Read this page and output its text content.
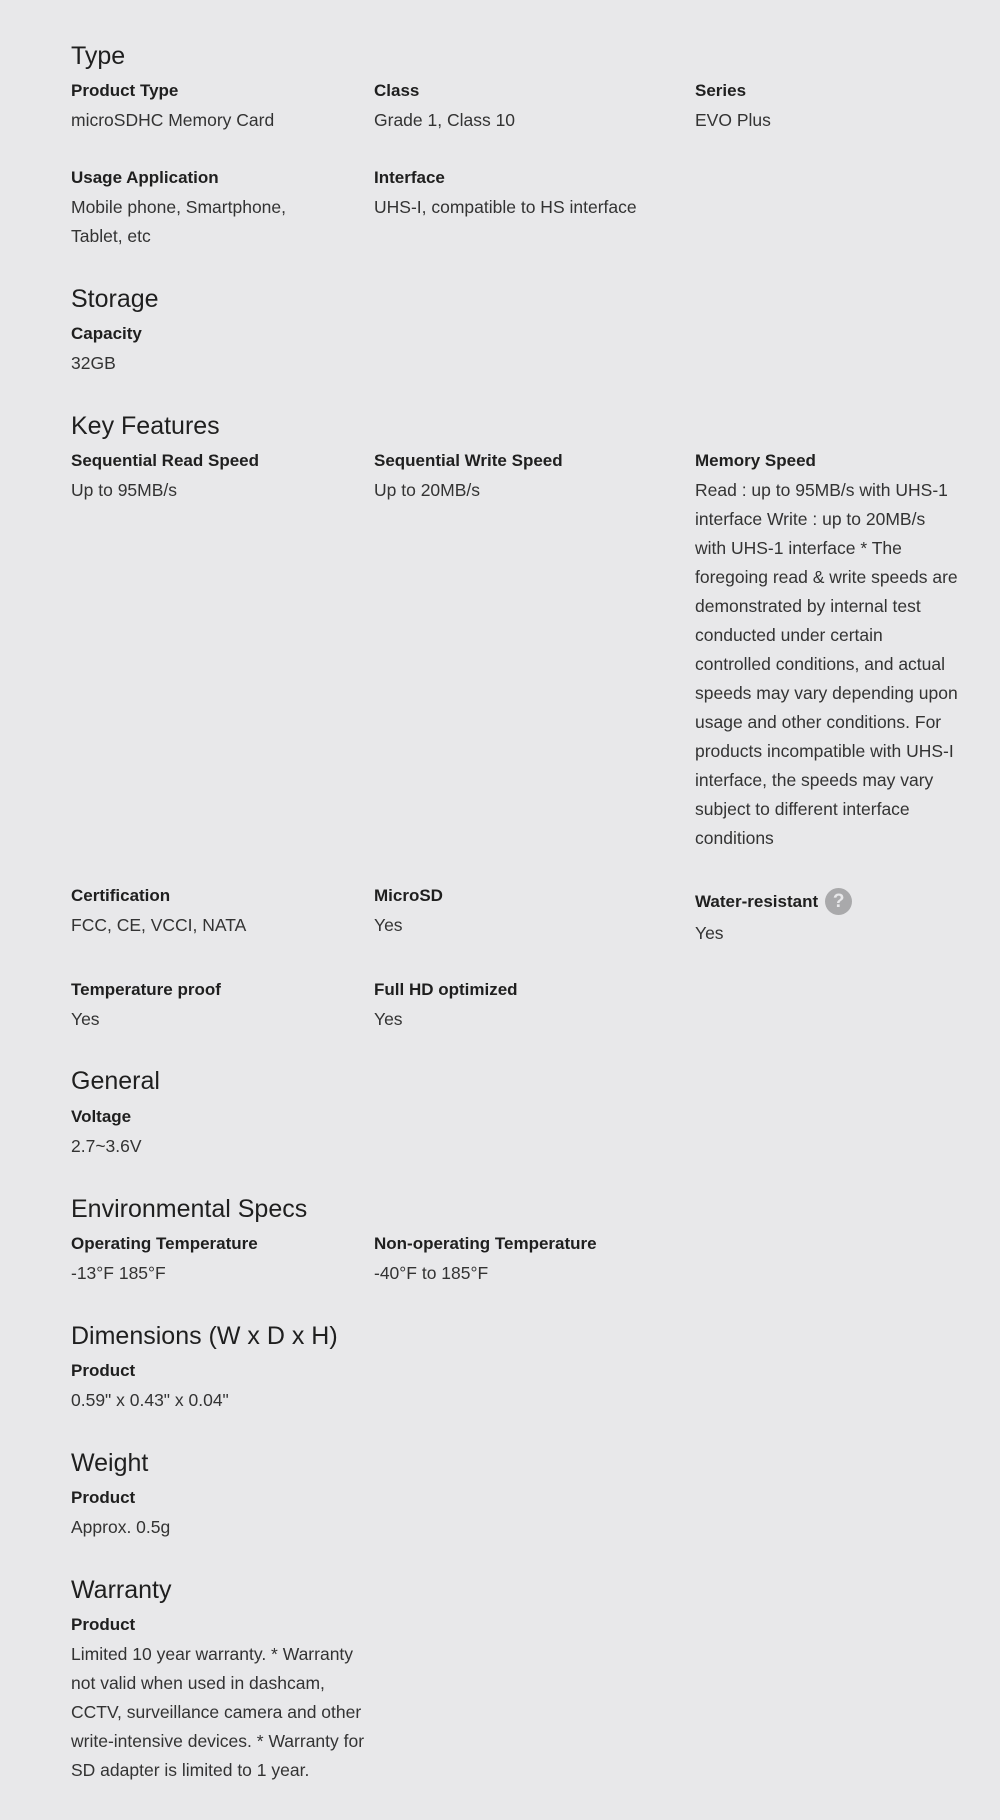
Type
Product Type
microSDHC Memory Card
Class
Grade 1, Class 10
Series
EVO Plus
Usage Application
Mobile phone, Smartphone, Tablet, etc
Interface
UHS-I, compatible to HS interface
Storage
Capacity
32GB
Key Features
Sequential Read Speed
Up to 95MB/s
Sequential Write Speed
Up to 20MB/s
Memory Speed
Read : up to 95MB/s with UHS-1 interface Write : up to 20MB/s with UHS-1 interface * The foregoing read & write speeds are demonstrated by internal test conducted under certain controlled conditions, and actual speeds may vary depending upon usage and other conditions. For products incompatible with UHS-I interface, the speeds may vary subject to different interface conditions
Certification
FCC, CE, VCCI, NATA
MicroSD
Yes
Water-resistant ?
Yes
Temperature proof
Yes
Full HD optimized
Yes
General
Voltage
2.7~3.6V
Environmental Specs
Operating Temperature
-13°F 185°F
Non-operating Temperature
-40°F to 185°F
Dimensions (W x D x H)
Product
0.59" x 0.43" x 0.04"
Weight
Product
Approx. 0.5g
Warranty
Product
Limited 10 year warranty. * Warranty not valid when used in dashcam, CCTV, surveillance camera and other write-intensive devices. * Warranty for SD adapter is limited to 1 year.
